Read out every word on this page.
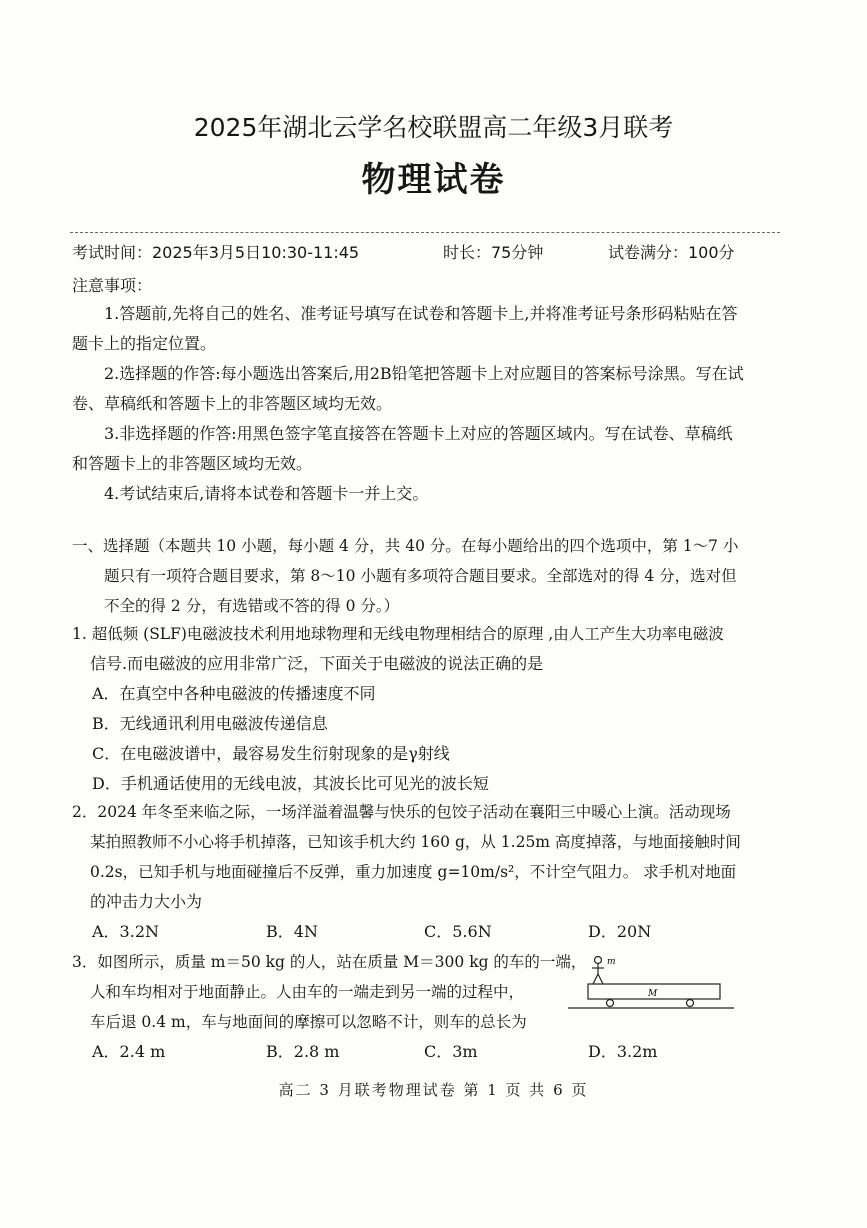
2025年湖北云学名校联盟高二年级3月联考
物理试卷
考试时间：2025年3月5日10:30-11:45	时长：75分钟	试卷满分：100分
注意事项：
1.答题前,先将自己的姓名、准考证号填写在试卷和答题卡上,并将准考证号条形码粘贴在答
题卡上的指定位置。
2.选择题的作答:每小题选出答案后,用2B铅笔把答题卡上对应题目的答案标号涂黑。写在试
卷、草稿纸和答题卡上的非答题区域均无效。
3.非选择题的作答:用黑色签字笔直接答在答题卡上对应的答题区域内。写在试卷、草稿纸
和答题卡上的非答题区域均无效。
4.考试结束后,请将本试卷和答题卡一并上交。
一、选择题（本题共 10 小题，每小题 4 分，共 40 分。在每小题给出的四个选项中，第 1～7 小
题只有一项符合题目要求，第 8～10 小题有多项符合题目要求。全部选对的得 4 分，选对但
不全的得 2 分，有选错或不答的得 0 分。）
1. 超低频 (SLF)电磁波技术利用地球物理和无线电物理相结合的原理 ,由人工产生大功率电磁波
信号.而电磁波的应用非常广泛，下面关于电磁波的说法正确的是
A．在真空中各种电磁波的传播速度不同
B．无线通讯利用电磁波传递信息
C．在电磁波谱中，最容易发生衍射现象的是γ射线
D．手机通话使用的无线电波，其波长比可见光的波长短
2．2024 年冬至来临之际，一场洋溢着温馨与快乐的包饺子活动在襄阳三中暖心上演。活动现场
某拍照教师不小心将手机掉落，已知该手机大约 160 g，从 1.25m 高度掉落，与地面接触时间
0.2s，已知手机与地面碰撞后不反弹，重力加速度 g=10m/s²，不计空气阻力。 求手机对地面
的冲击力大小为
A．3.2N	B．4N	C．5.6N	D．20N
3．如图所示，质量 m＝50 kg 的人，站在质量 M＝300 kg 的车的一端，
人和车均相对于地面静止。人由车的一端走到另一端的过程中，
车后退 0.4 m，车与地面间的摩擦可以忽略不计，则车的总长为
A．2.4 m	B．2.8 m	C．3m	D．3.2m
m
M
高二 3 月联考物理试卷 第 1 页 共 6 页
